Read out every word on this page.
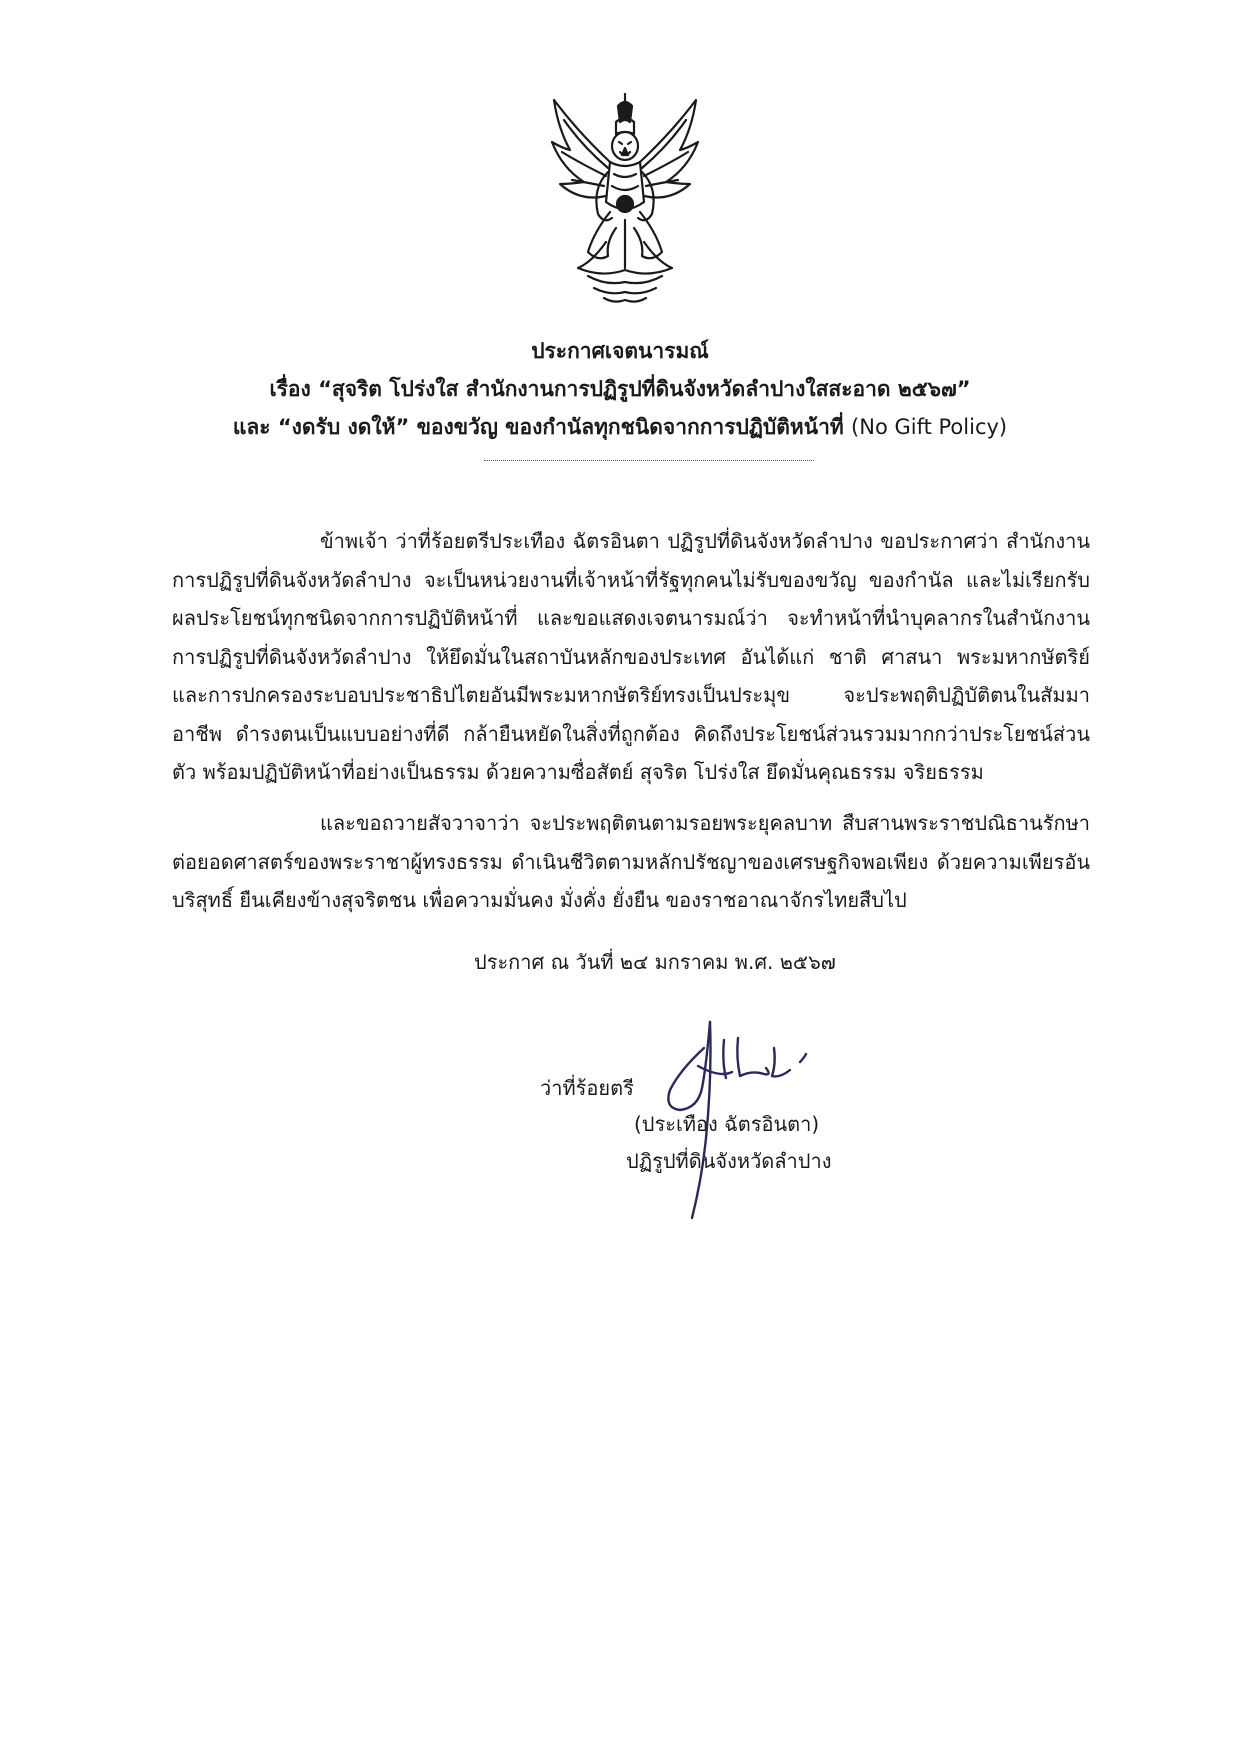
ประกาศเจตนารมณ์
เรื่อง “สุจริต โปร่งใส สำนักงานการปฏิรูปที่ดินจังหวัดลำปางใสสะอาด ๒๕๖๗”
และ “งดรับ งดให้” ของขวัญ ของกำนัลทุกชนิดจากการปฏิบัติหน้าที่ (No Gift Policy)
ข้าพเจ้า ว่าที่ร้อยตรีประเทือง ฉัตรอินตา ปฏิรูปที่ดินจังหวัดลำปาง ขอประกาศว่า สำนักงานการปฏิรูปที่ดินจังหวัดลำปาง จะเป็นหน่วยงานที่เจ้าหน้าที่รัฐทุกคนไม่รับของขวัญ ของกำนัล และไม่เรียกรับผลประโยชน์ทุกชนิดจากการปฏิบัติหน้าที่ และขอแสดงเจตนารมณ์ว่า จะทำหน้าที่นำบุคลากรในสำนักงานการปฏิรูปที่ดินจังหวัดลำปาง ให้ยึดมั่นในสถาบันหลักของประเทศ อันได้แก่ ชาติ ศาสนา พระมหากษัตริย์ และการปกครองระบอบประชาธิปไตยอันมีพระมหากษัตริย์ทรงเป็นประมุข จะประพฤติปฏิบัติตนในสัมมาอาชีพ ดำรงตนเป็นแบบอย่างที่ดี กล้ายืนหยัดในสิ่งที่ถูกต้อง คิดถึงประโยชน์ส่วนรวมมากกว่าประโยชน์ส่วนตัว พร้อมปฏิบัติหน้าที่อย่างเป็นธรรม ด้วยความซื่อสัตย์ สุจริต โปร่งใส ยึดมั่นคุณธรรม จริยธรรม
และขอถวายสัจวาจาว่า จะประพฤติตนตามรอยพระยุคลบาท สืบสานพระราชปณิธานรักษาต่อยอดศาสตร์ของพระราชาผู้ทรงธรรม ดำเนินชีวิตตามหลักปรัชญาของเศรษฐกิจพอเพียง ด้วยความเพียรอันบริสุทธิ์ ยืนเคียงข้างสุจริตชน เพื่อความมั่นคง มั่งคั่ง ยั่งยืน ของราชอาณาจักรไทยสืบไป
ประกาศ ณ วันที่ ๒๔ มกราคม พ.ศ. ๒๕๖๗
ว่าที่ร้อยตรี
(ประเทือง ฉัตรอินตา)
ปฏิรูปที่ดินจังหวัดลำปาง
